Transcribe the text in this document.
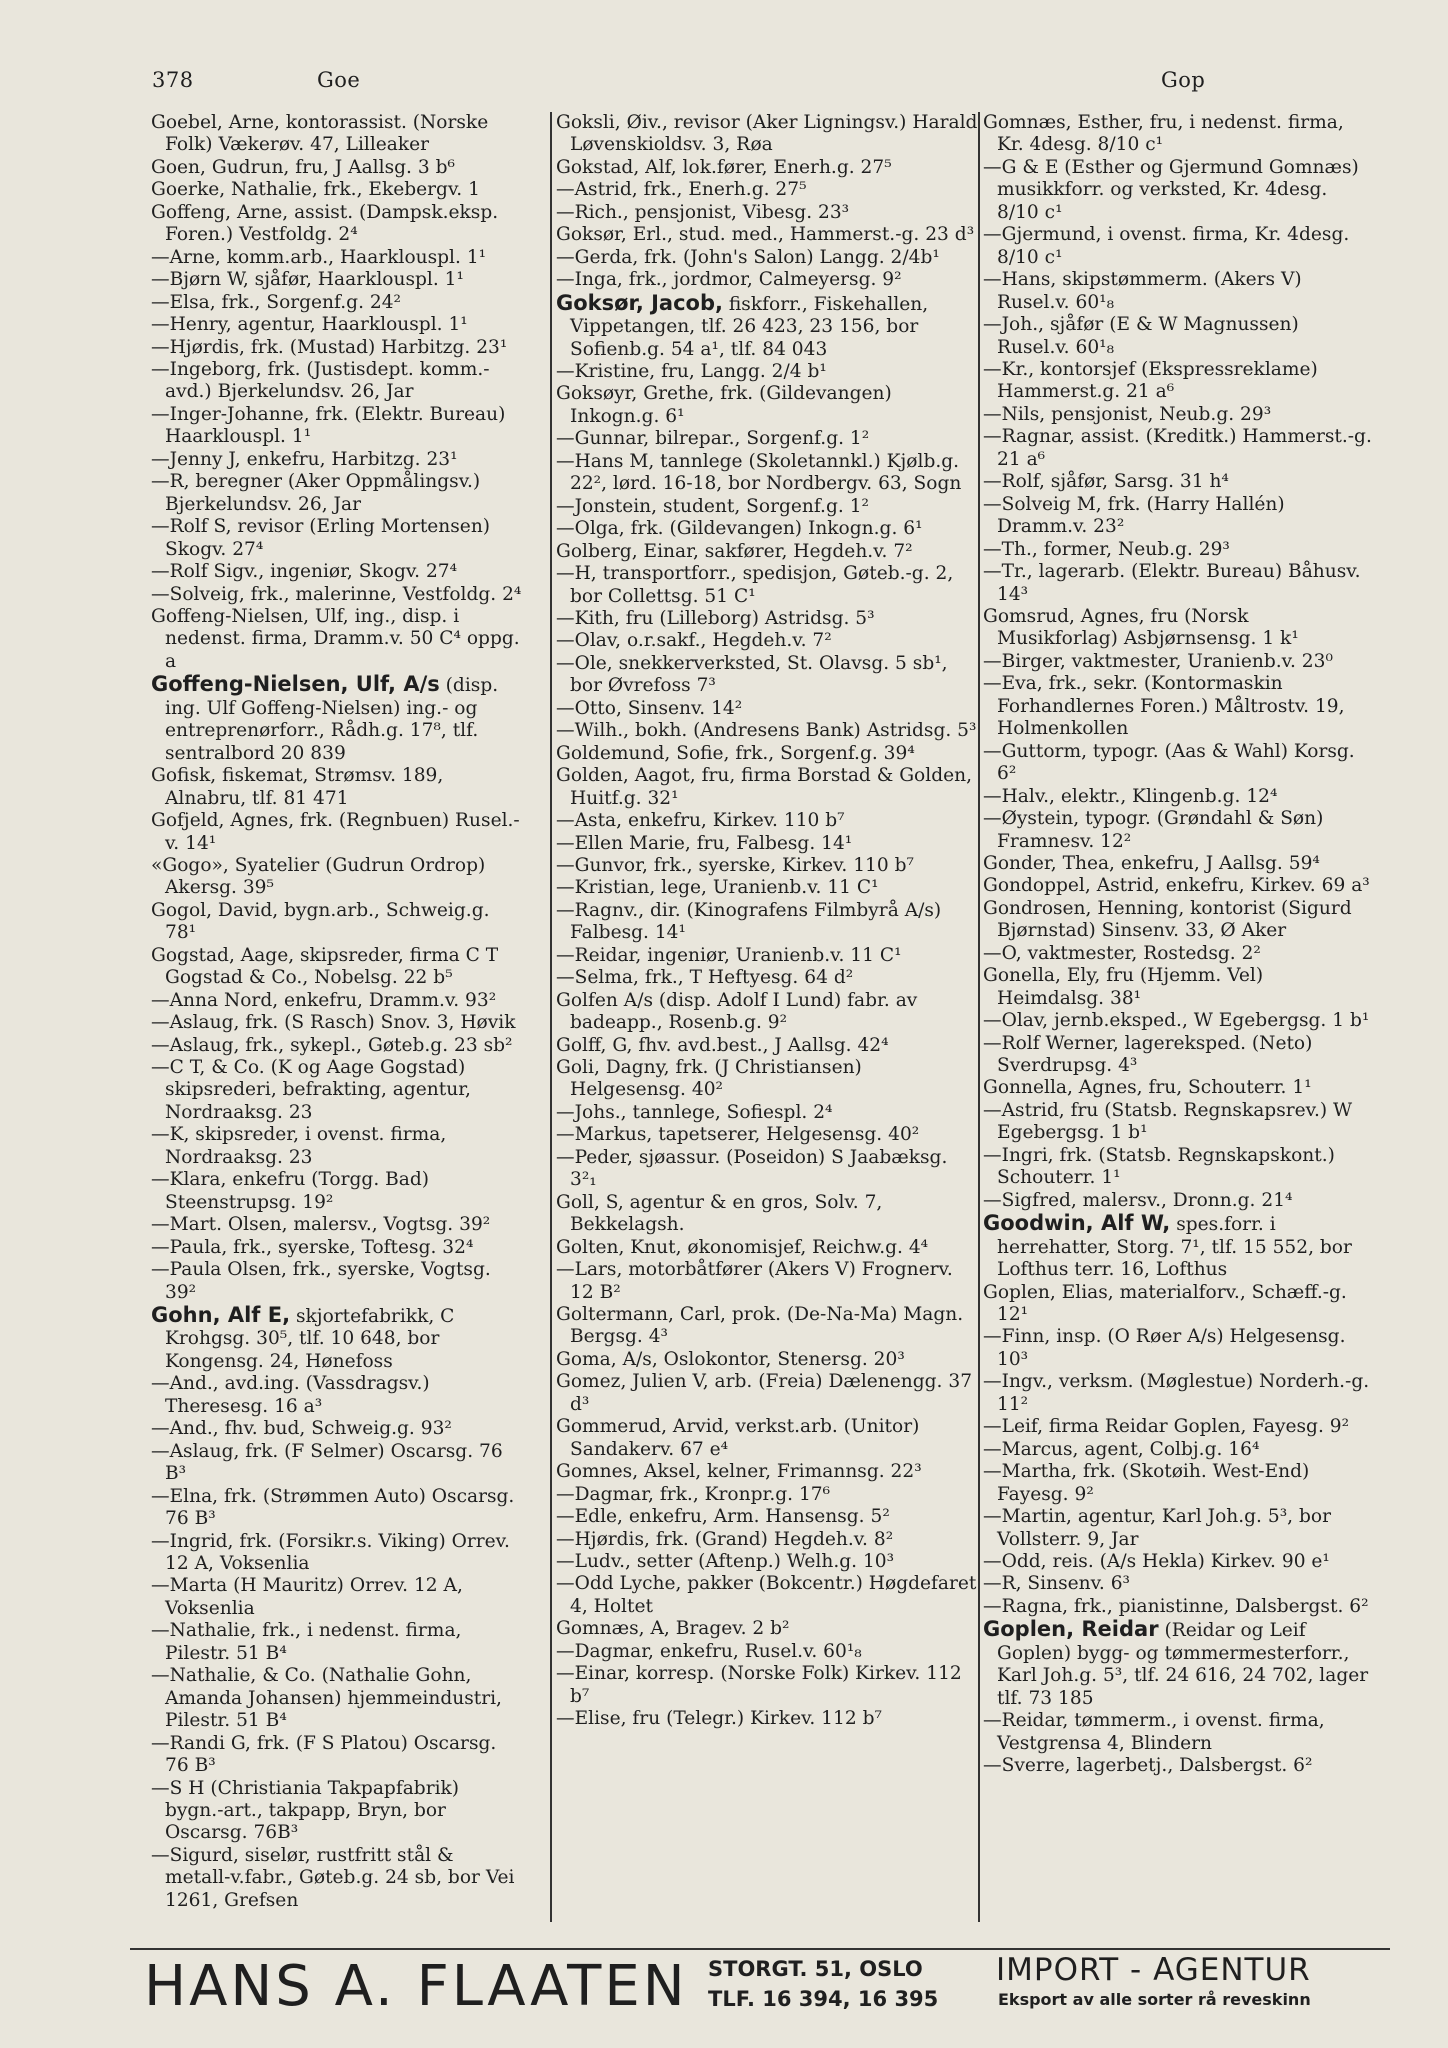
378	Goe	Gop
Goebel, Arne, kontorassist. (Norske Folk) Vækerøv. 47, Lilleaker
Goen, Gudrun, fru, J Aallsg. 3 b⁶
Goerke, Nathalie, frk., Ekebergv. 1
Goffeng, Arne, assist. (Dampsk.eksp. Foren.) Vestfoldg. 2⁴
—Arne, komm.arb., Haarklouspl. 1¹
—Bjørn W, sjåfør, Haarklouspl. 1¹
—Elsa, frk., Sorgenf.g. 24²
—Henry, agentur, Haarklouspl. 1¹
—Hjørdis, frk. (Mustad) Harbitzg. 23¹
—Ingeborg, frk. (Justisdept. komm.-avd.) Bjerkelundsv. 26, Jar
—Inger-Johanne, frk. (Elektr. Bureau) Haarklouspl. 1¹
—Jenny J, enkefru, Harbitzg. 23¹
—R, beregner (Aker Oppmålingsv.) Bjerkelundsv. 26, Jar
—Rolf S, revisor (Erling Mortensen) Skogv. 27⁴
—Rolf Sigv., ingeniør, Skogv. 27⁴
—Solveig, frk., malerinne, Vestfoldg. 2⁴
Goffeng-Nielsen, Ulf, ing., disp. i nedenst. firma, Dramm.v. 50 C⁴ oppg. a
Goffeng-Nielsen, Ulf, A/s (disp. ing. Ulf Goffeng-Nielsen) ing.- og entreprenørforr., Rådh.g. 17⁸, tlf. sentralbord 20 839
Gofisk, fiskemat, Strømsv. 189, Alnabru, tlf. 81 471
Gofjeld, Agnes, frk. (Regnbuen) Rusel.-v. 14¹
«Gogo», Syatelier (Gudrun Ordrop) Akersg. 39⁵
Gogol, David, bygn.arb., Schweig.g. 78¹
Gogstad, Aage, skipsreder, firma C T Gogstad & Co., Nobelsg. 22 b⁵
—Anna Nord, enkefru, Dramm.v. 93²
—Aslaug, frk. (S Rasch) Snov. 3, Høvik
—Aslaug, frk., sykepl., Gøteb.g. 23 sb²
—C T, & Co. (K og Aage Gogstad) skipsrederi, befrakting, agentur, Nordraaksg. 23
—K, skipsreder, i ovenst. firma, Nordraaksg. 23
—Klara, enkefru (Torgg. Bad) Steenstrupsg. 19²
—Mart. Olsen, malersv., Vogtsg. 39²
—Paula, frk., syerske, Toftesg. 32⁴
—Paula Olsen, frk., syerske, Vogtsg. 39²
Gohn, Alf E, skjortefabrikk, C Krohgsg. 30⁵, tlf. 10 648, bor Kongensg. 24, Hønefoss
—And., avd.ing. (Vassdragsv.) Theresesg. 16 a³
—And., fhv. bud, Schweig.g. 93²
—Aslaug, frk. (F Selmer) Oscarsg. 76 B³
—Elna, frk. (Strømmen Auto) Oscarsg. 76 B³
—Ingrid, frk. (Forsikr.s. Viking) Orrev. 12 A, Voksenlia
—Marta (H Mauritz) Orrev. 12 A, Voksenlia
—Nathalie, frk., i nedenst. firma, Pilestr. 51 B⁴
—Nathalie, & Co. (Nathalie Gohn, Amanda Johansen) hjemmeindustri, Pilestr. 51 B⁴
—Randi G, frk. (F S Platou) Oscarsg. 76 B³
—S H (Christiania Takpapfabrik) bygn.-art., takpapp, Bryn, bor Oscarsg. 76B³
—Sigurd, siselør, rustfritt stål & metall-v.fabr., Gøteb.g. 24 sb, bor Vei 1261, Grefsen
Goksli, Øiv., revisor (Aker Ligningsv.) Harald Løvenskioldsv. 3, Røa
Gokstad, Alf, lok.fører, Enerh.g. 27⁵
—Astrid, frk., Enerh.g. 27⁵
—Rich., pensjonist, Vibesg. 23³
Goksør, Erl., stud. med., Hammerst.-g. 23 d³
—Gerda, frk. (John's Salon) Langg. 2/4b¹
—Inga, frk., jordmor, Calmeyersg. 9²
Goksør, Jacob, fiskforr., Fiskehallen, Vippetangen, tlf. 26 423, 23 156, bor Sofienb.g. 54 a¹, tlf. 84 043
—Kristine, fru, Langg. 2/4 b¹
Goksøyr, Grethe, frk. (Gildevangen) Inkogn.g. 6¹
—Gunnar, bilrepar., Sorgenf.g. 1²
—Hans M, tannlege (Skoletannkl.) Kjølb.g. 22², lørd. 16-18, bor Nordbergv. 63, Sogn
—Jonstein, student, Sorgenf.g. 1²
—Olga, frk. (Gildevangen) Inkogn.g. 6¹
Golberg, Einar, sakfører, Hegdeh.v. 7²
—H, transportforr., spedisjon, Gøteb.-g. 2, bor Collettsg. 51 C¹
—Kith, fru (Lilleborg) Astridsg. 5³
—Olav, o.r.sakf., Hegdeh.v. 7²
—Ole, snekkerverksted, St. Olavsg. 5 sb¹, bor Øvrefoss 7³
—Otto, Sinsenv. 14²
—Wilh., bokh. (Andresens Bank) Astridsg. 5³
Goldemund, Sofie, frk., Sorgenf.g. 39⁴
Golden, Aagot, fru, firma Borstad & Golden, Huitf.g. 32¹
—Asta, enkefru, Kirkev. 110 b⁷
—Ellen Marie, fru, Falbesg. 14¹
—Gunvor, frk., syerske, Kirkev. 110 b⁷
—Kristian, lege, Uranienb.v. 11 C¹
—Ragnv., dir. (Kinografens Filmbyrå A/s) Falbesg. 14¹
—Reidar, ingeniør, Uranienb.v. 11 C¹
—Selma, frk., T Heftyesg. 64 d²
Golfen A/s (disp. Adolf I Lund) fabr. av badeapp., Rosenb.g. 9²
Golff, G, fhv. avd.best., J Aallsg. 42⁴
Goli, Dagny, frk. (J Christiansen) Helgesensg. 40²
—Johs., tannlege, Sofiespl. 2⁴
—Markus, tapetserer, Helgesensg. 40²
—Peder, sjøassur. (Poseidon) S Jaabæksg. 3²₁
Goll, S, agentur & en gros, Solv. 7, Bekkelagsh.
Golten, Knut, økonomisjef, Reichw.g. 4⁴
—Lars, motorbåtfører (Akers V) Frognerv. 12 B²
Goltermann, Carl, prok. (De-Na-Ma) Magn. Bergsg. 4³
Goma, A/s, Oslokontor, Stenersg. 20³
Gomez, Julien V, arb. (Freia) Dælenengg. 37 d³
Gommerud, Arvid, verkst.arb. (Unitor) Sandakerv. 67 e⁴
Gomnes, Aksel, kelner, Frimannsg. 22³
—Dagmar, frk., Kronpr.g. 17⁶
—Edle, enkefru, Arm. Hansensg. 5²
—Hjørdis, frk. (Grand) Hegdeh.v. 8²
—Ludv., setter (Aftenp.) Welh.g. 10³
—Odd Lyche, pakker (Bokcentr.) Høgdefaret 4, Holtet
Gomnæs, A, Bragev. 2 b²
—Dagmar, enkefru, Rusel.v. 60¹₈
—Einar, korresp. (Norske Folk) Kirkev. 112 b⁷
—Elise, fru (Telegr.) Kirkev. 112 b⁷
Gomnæs, Esther, fru, i nedenst. firma, Kr. 4desg. 8/10 c¹
—G & E (Esther og Gjermund Gomnæs) musikkforr. og verksted, Kr. 4desg. 8/10 c¹
—Gjermund, i ovenst. firma, Kr. 4desg. 8/10 c¹
—Hans, skipstømmerm. (Akers V) Rusel.v. 60¹₈
—Joh., sjåfør (E & W Magnussen) Rusel.v. 60¹₈
—Kr., kontorsjef (Ekspressreklame) Hammerst.g. 21 a⁶
—Nils, pensjonist, Neub.g. 29³
—Ragnar, assist. (Kreditk.) Hammerst.-g. 21 a⁶
—Rolf, sjåfør, Sarsg. 31 h⁴
—Solveig M, frk. (Harry Hallén) Dramm.v. 23²
—Th., former, Neub.g. 29³
—Tr., lagerarb. (Elektr. Bureau) Båhusv. 14³
Gomsrud, Agnes, fru (Norsk Musikforlag) Asbjørnsensg. 1 k¹
—Birger, vaktmester, Uranienb.v. 23⁰
—Eva, frk., sekr. (Kontormaskin Forhandlernes Foren.) Måltrostv. 19, Holmenkollen
—Guttorm, typogr. (Aas & Wahl) Korsg. 6²
—Halv., elektr., Klingenb.g. 12⁴
—Øystein, typogr. (Grøndahl & Søn) Framnesv. 12²
Gonder, Thea, enkefru, J Aallsg. 59⁴
Gondoppel, Astrid, enkefru, Kirkev. 69 a³
Gondrosen, Henning, kontorist (Sigurd Bjørnstad) Sinsenv. 33, Ø Aker
—O, vaktmester, Rostedsg. 2²
Gonella, Ely, fru (Hjemm. Vel) Heimdalsg. 38¹
—Olav, jernb.eksped., W Egebergsg. 1 b¹
—Rolf Werner, lagereksped. (Neto) Sverdrupsg. 4³
Gonnella, Agnes, fru, Schouterr. 1¹
—Astrid, fru (Statsb. Regnskapsrev.) W Egebergsg. 1 b¹
—Ingri, frk. (Statsb. Regnskapskont.) Schouterr. 1¹
—Sigfred, malersv., Dronn.g. 21⁴
Goodwin, Alf W, spes.forr. i herrehatter, Storg. 7¹, tlf. 15 552, bor Lofthus terr. 16, Lofthus
Goplen, Elias, materialforv., Schæff.-g. 12¹
—Finn, insp. (O Røer A/s) Helgesensg. 10³
—Ingv., verksm. (Møglestue) Norderh.-g. 11²
—Leif, firma Reidar Goplen, Fayesg. 9²
—Marcus, agent, Colbj.g. 16⁴
—Martha, frk. (Skotøih. West-End) Fayesg. 9²
—Martin, agentur, Karl Joh.g. 5³, bor Vollsterr. 9, Jar
—Odd, reis. (A/s Hekla) Kirkev. 90 e¹
—R, Sinsenv. 6³
—Ragna, frk., pianistinne, Dalsbergst. 6²
Goplen, Reidar (Reidar og Leif Goplen) bygg- og tømmermesterforr., Karl Joh.g. 5³, tlf. 24 616, 24 702, lager tlf. 73 185
—Reidar, tømmerm., i ovenst. firma, Vestgrensa 4, Blindern
—Sverre, lagerbetj., Dalsbergst. 6²
HANS A. FLAATEN STORGT. 51, OSLO
TLF. 16 394, 16 395
IMPORT - AGENTUR
Eksport av alle sorter rå reveskinn
